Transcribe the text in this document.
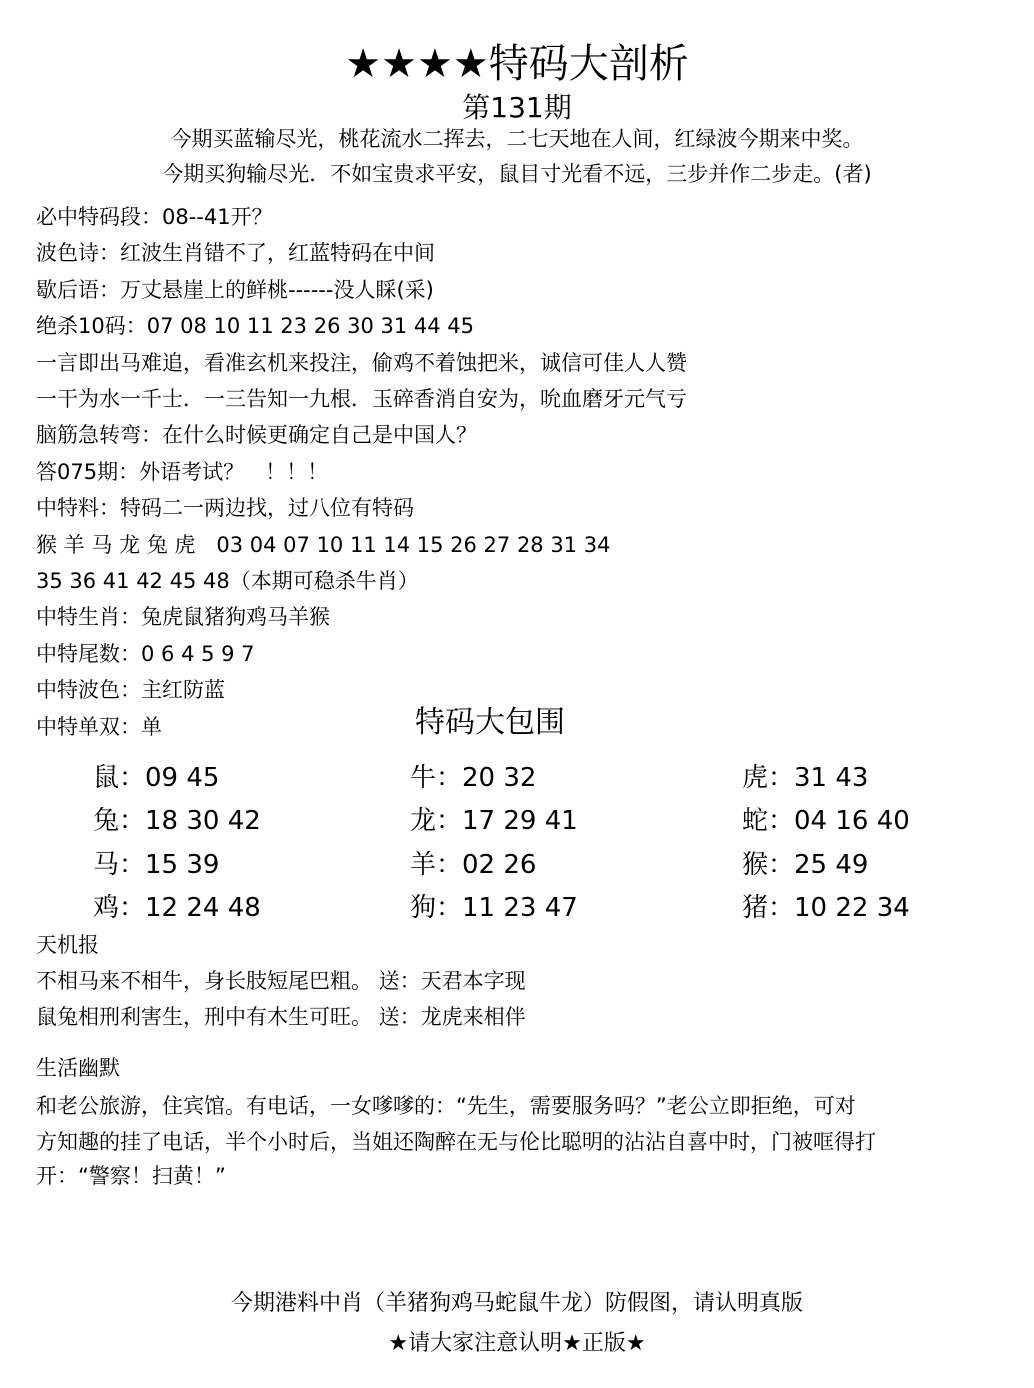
★★★★特码大剖析
第131期
今期买蓝输尽光，桃花流水二挥去，二七天地在人间，红绿波今期来中奖。
今期买狗输尽光．不如宝贵求平安，鼠目寸光看不远，三步并作二步走。(者)
必中特码段：08--41开？
波色诗：红波生肖错不了，红蓝特码在中间
歇后语：万丈悬崖上的鲜桃------没人睬(采)
绝杀10码：07 08 10 11 23 26 30 31 44 45
一言即出马难追，看准玄机来投注，偷鸡不着蚀把米，诚信可佳人人赞
一干为水一千士．一三告知一九根．玉碎香消自安为，吮血磨牙元气亏
脑筋急转弯：在什么时候更确定自己是中国人？
答075期：外语考试？　！！！
中特料：特码二一两边找，过八位有特码
猴 羊 马 龙 兔 虎　03 04 07 10 11 14 15 26 27 28 31 34
35 36 41 42 45 48（本期可稳杀牛肖）
中特生肖：兔虎鼠猪狗鸡马羊猴
中特尾数：0 6 4 5 9 7
中特波色：主红防蓝
中特单双：单	特码大包围
鼠：09 45	牛：20 32	虎：31 43
兔：18 30 42	龙：17 29 41	蛇：04 16 40
马：15 39	羊：02 26	猴：25 49
鸡：12 24 48	狗：11 23 47	猪：10 22 34
天机报
不相马来不相牛，身长肢短尾巴粗。 送：天君本字现
鼠兔相刑利害生，刑中有木生可旺。 送：龙虎来相伴
生活幽默
和老公旅游，住宾馆。有电话，一女嗲嗲的：“先生，需要服务吗？”老公立即拒绝，可对
方知趣的挂了电话，半个小时后，当姐还陶醉在无与伦比聪明的沾沾自喜中时，门被哐得打
开：“警察！扫黄！”
今期港料中肖（羊猪狗鸡马蛇鼠牛龙）防假图，请认明真版
★请大家注意认明★正版★
